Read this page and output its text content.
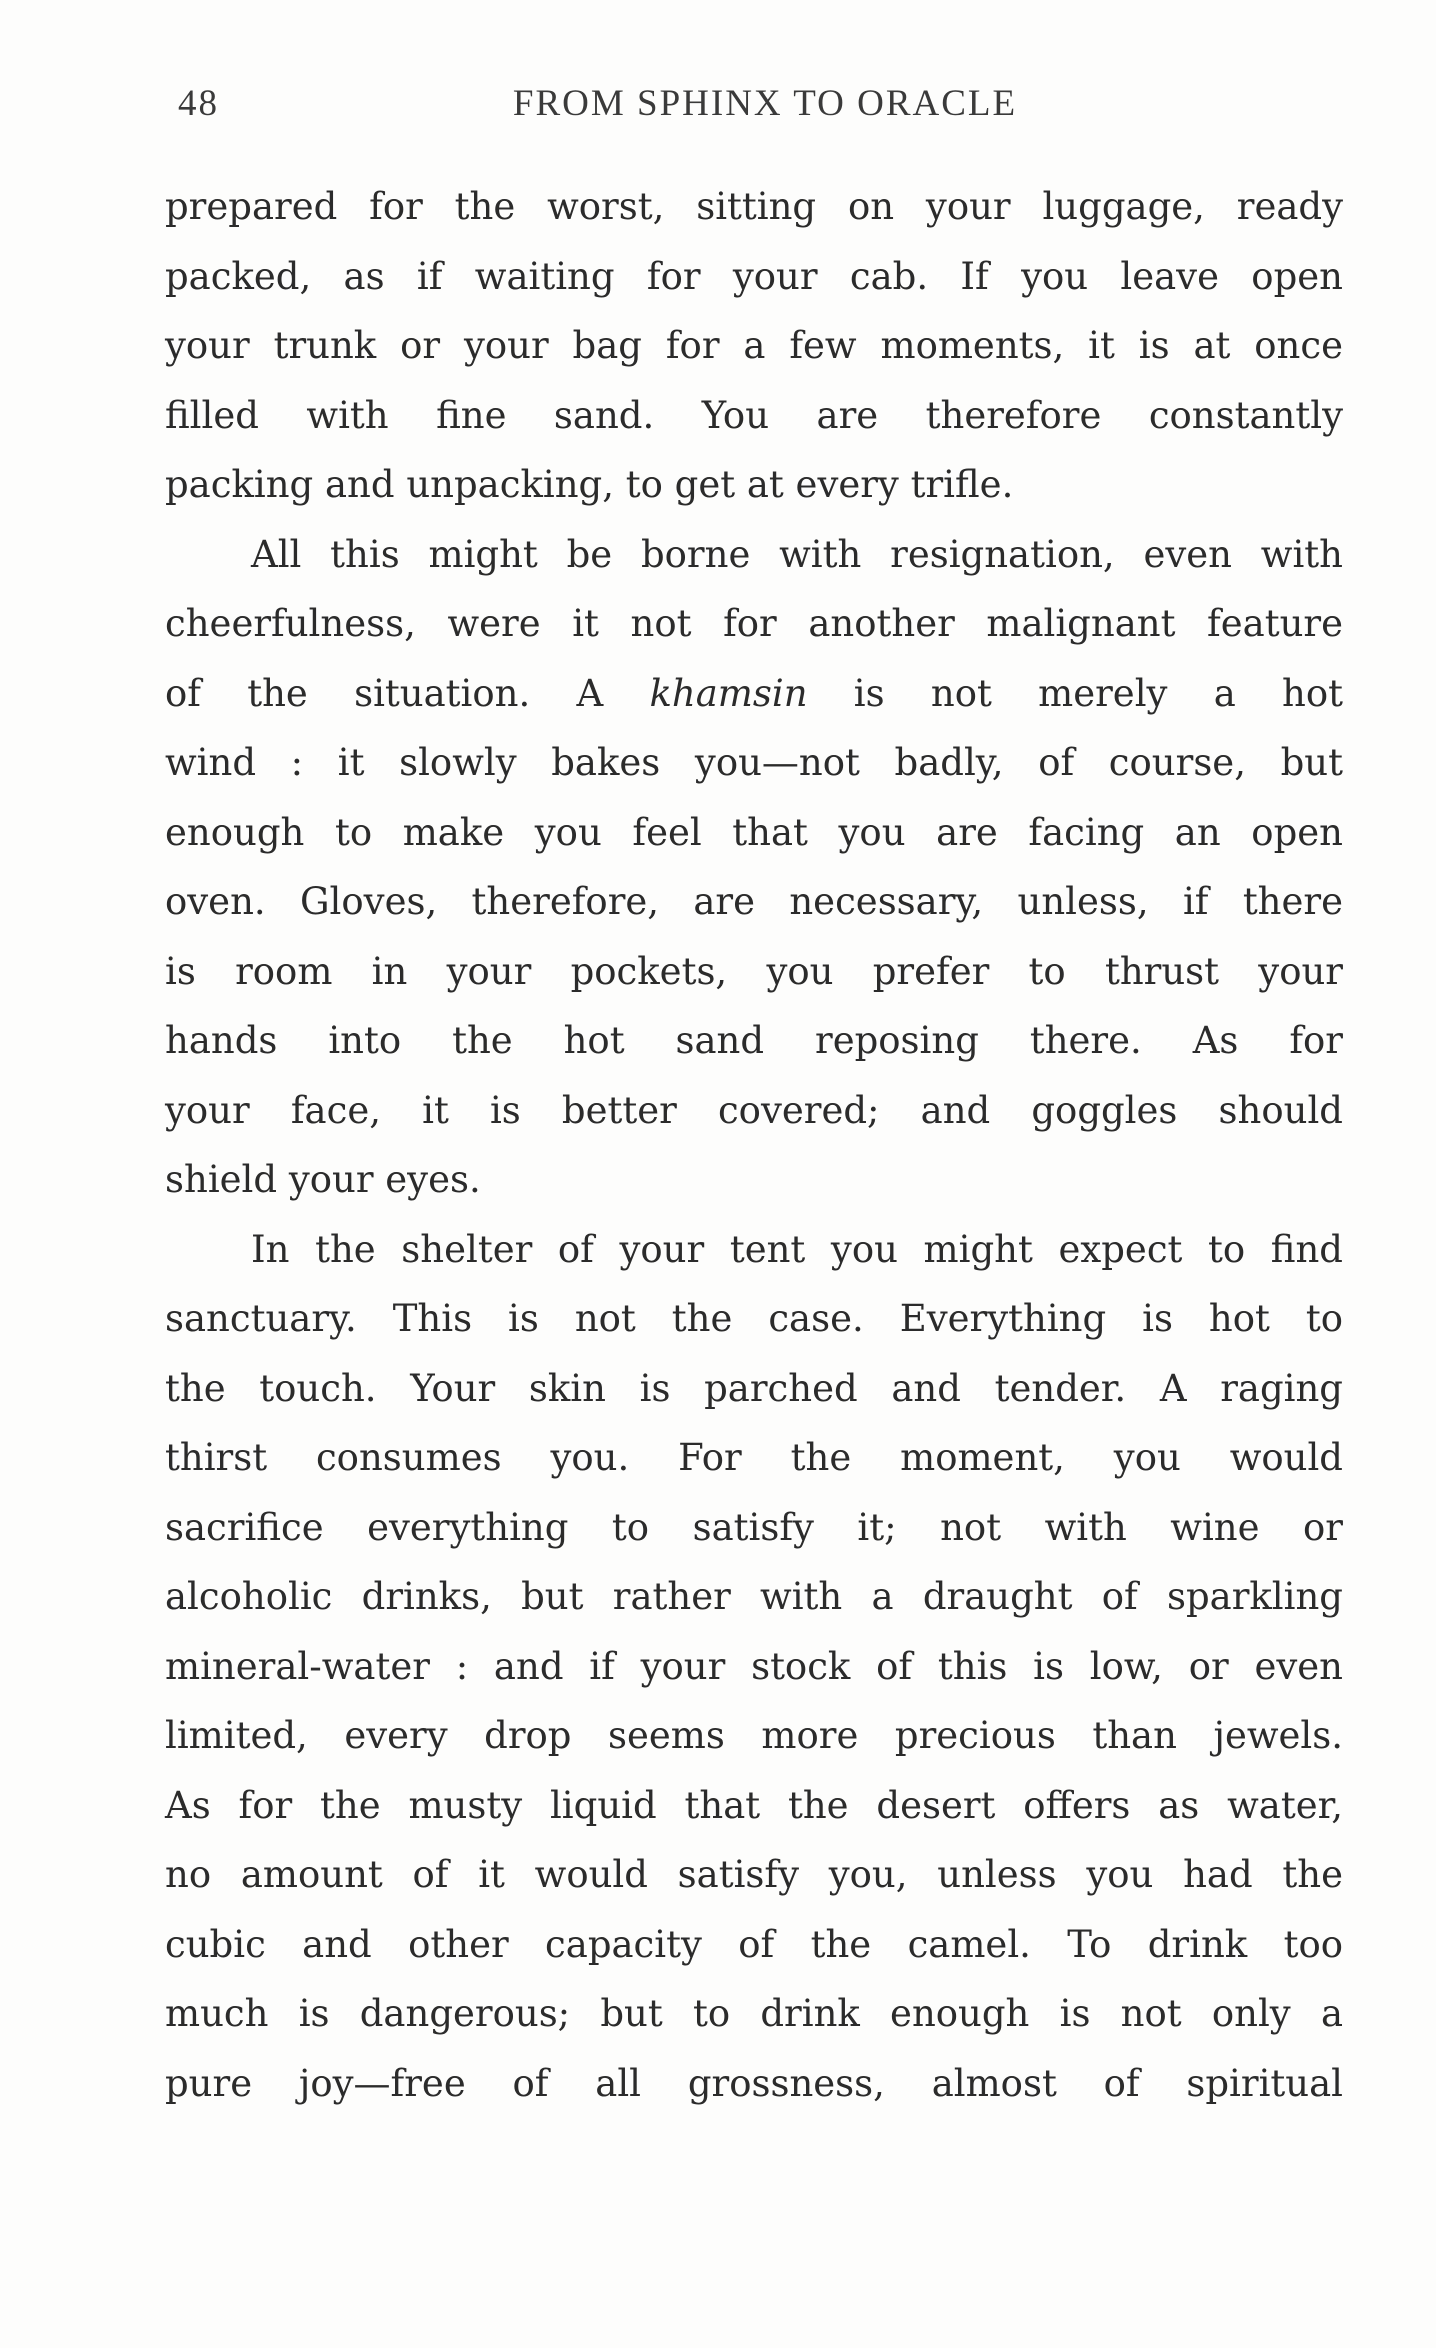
48	FROM SPHINX TO ORACLE
prepared for the worst, sitting on your luggage, ready
packed, as if waiting for your cab. If you leave open
your trunk or your bag for a few moments, it is at once
filled with fine sand. You are therefore constantly
packing and unpacking, to get at every trifle.
All this might be borne with resignation, even with
cheerfulness, were it not for another malignant feature
of the situation. A khamsin is not merely a hot
wind : it slowly bakes you—not badly, of course, but
enough to make you feel that you are facing an open
oven. Gloves, therefore, are necessary, unless, if there
is room in your pockets, you prefer to thrust your
hands into the hot sand reposing there. As for
your face, it is better covered; and goggles should
shield your eyes.
In the shelter of your tent you might expect to find
sanctuary. This is not the case. Everything is hot to
the touch. Your skin is parched and tender. A raging
thirst consumes you. For the moment, you would
sacrifice everything to satisfy it; not with wine or
alcoholic drinks, but rather with a draught of sparkling
mineral-water : and if your stock of this is low, or even
limited, every drop seems more precious than jewels.
As for the musty liquid that the desert offers as water,
no amount of it would satisfy you, unless you had the
cubic and other capacity of the camel. To drink too
much is dangerous; but to drink enough is not only a
pure joy—free of all grossness, almost of spiritual
